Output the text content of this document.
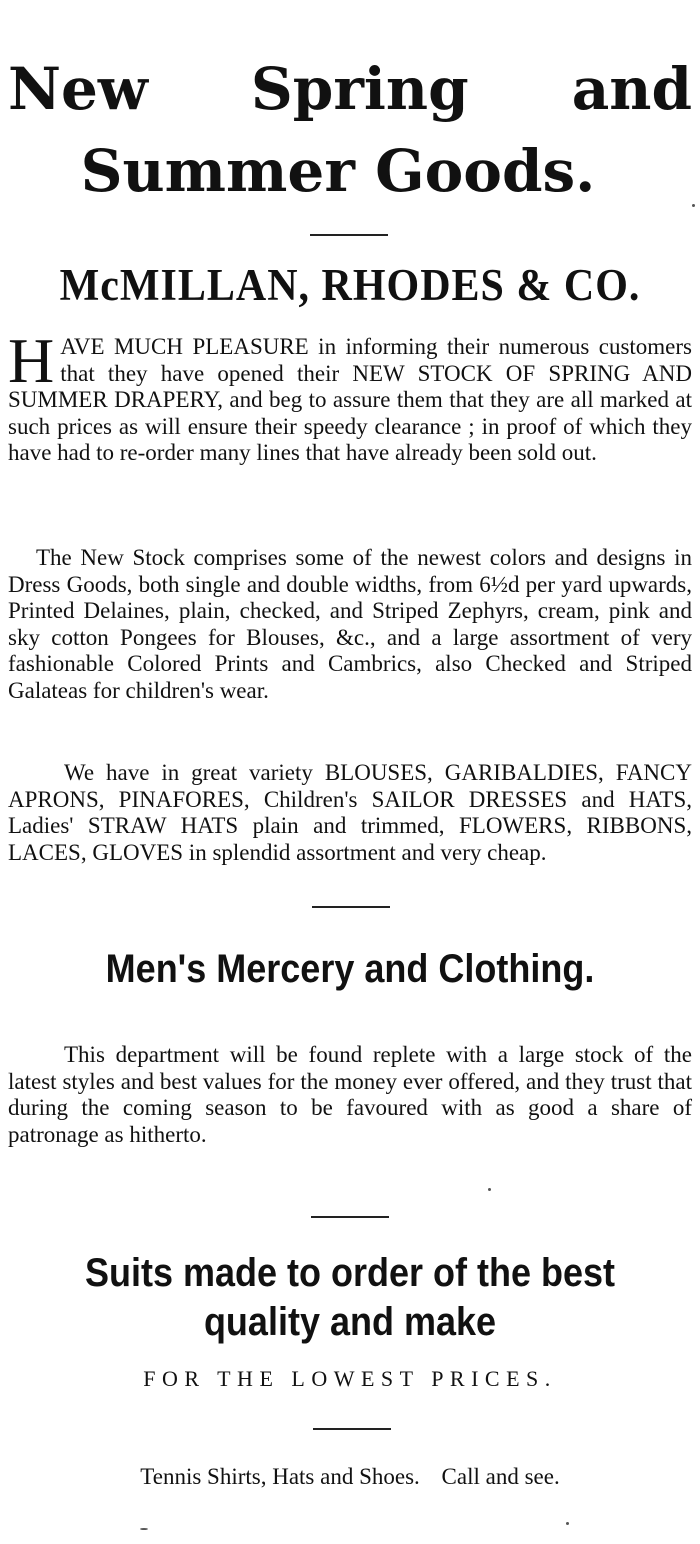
New Spring and
Summer Goods.
McMILLAN, RHODES & CO.

HAVE MUCH PLEASURE in informing their numerous customers that they have opened their NEW STOCK OF SPRING AND SUMMER DRAPERY, and beg to assure them that they are all marked at such prices as will ensure their speedy clearance ; in proof of which they have had to re-order many lines that have already been sold out.

The New Stock comprises some of the newest colors and designs in Dress Goods, both single and double widths, from 6½d per yard upwards, Printed Delaines, plain, checked, and Striped Zephyrs, cream, pink and sky cotton Pongees for Blouses, &c., and a large assortment of very fashionable Colored Prints and Cambrics, also Checked and Striped Galateas for children's wear.

We have in great variety BLOUSES, GARIBALDIES, FANCY APRONS, PINAFORES, Children's SAILOR DRESSES and HATS, Ladies' STRAW HATS plain and trimmed, FLOWERS, RIBBONS, LACES, GLOVES in splendid assortment and very cheap.

Men's Mercery and Clothing.

This department will be found replete with a large stock of the latest styles and best values for the money ever offered, and they trust that during the coming season to be favoured with as good a share of patronage as hitherto.

Suits made to order of the best
quality and make
FOR THE LOWEST PRICES.
Tennis Shirts, Hats and Shoes. Call and see.
